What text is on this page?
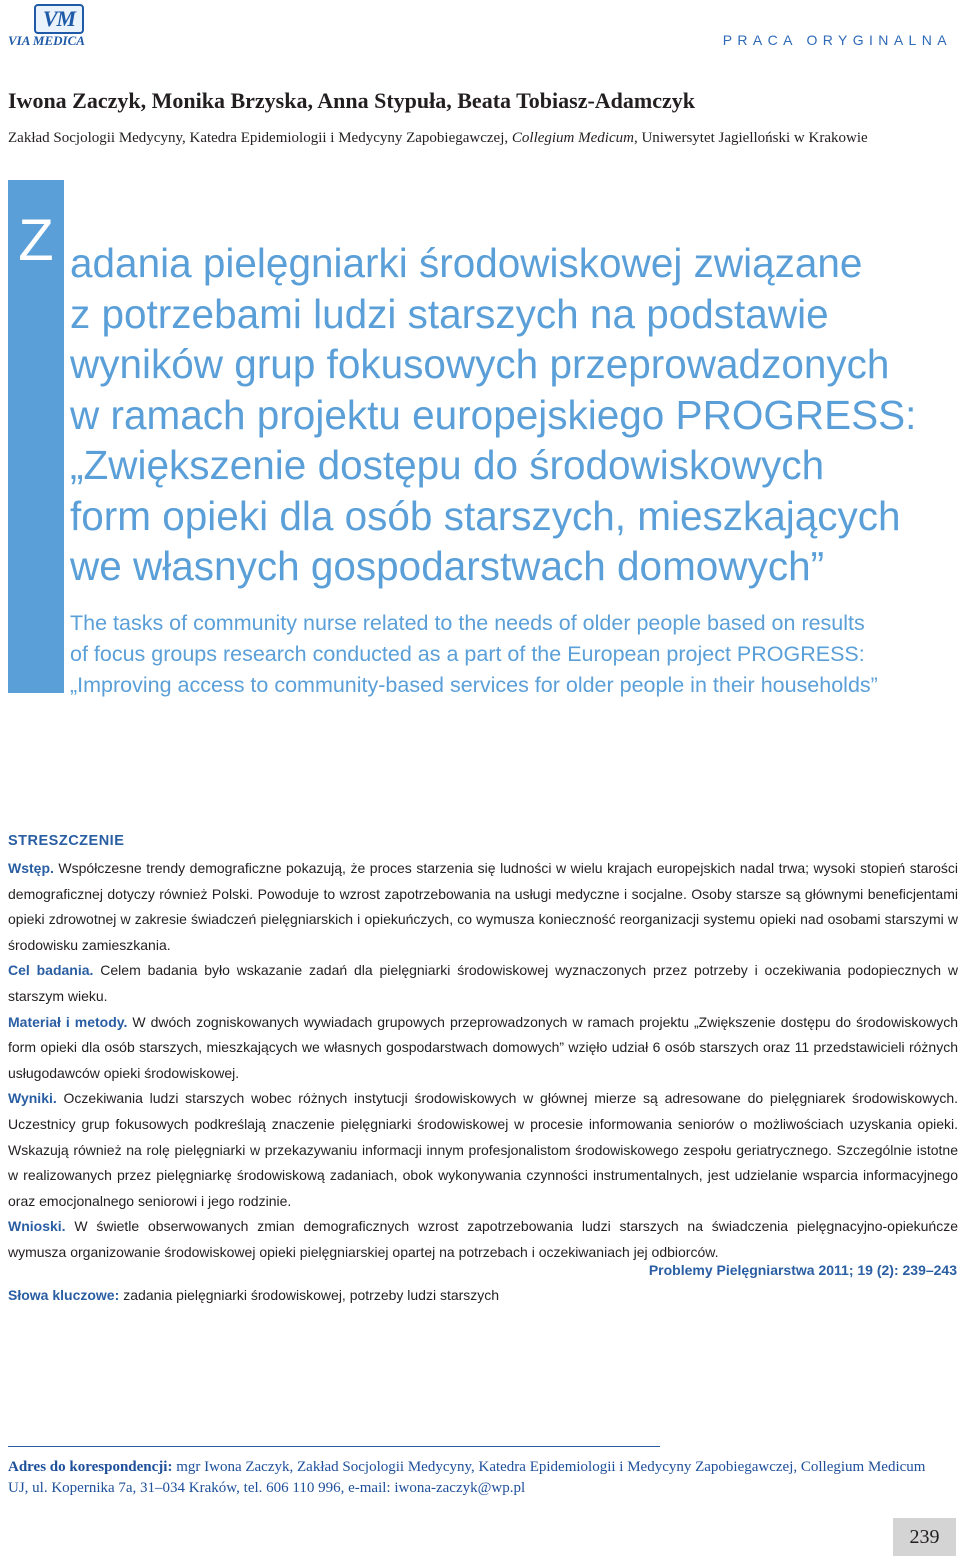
VM
VIA MEDICA	PRACA ORYGINALNA
Iwona Zaczyk, Monika Brzyska, Anna Stypuła, Beata Tobiasz-Adamczyk
Zakład Socjologii Medycyny, Katedra Epidemiologii i Medycyny Zapobiegawczej, Collegium Medicum, Uniwersytet Jagielloński w Krakowie
Z adania pielęgniarki środowiskowej związane
z potrzebami ludzi starszych na podstawie
wyników grup fokusowych przeprowadzonych
w ramach projektu europejskiego PROGRESS:
„Zwiększenie dostępu do środowiskowych
form opieki dla osób starszych, mieszkających
we własnych gospodarstwach domowych”
The tasks of community nurse related to the needs of older people based on results
of focus groups research conducted as a part of the European project PROGRESS:
„Improving access to community-based services for older people in their households”
STRESZCZENIE

Wstęp. Współczesne trendy demograficzne pokazują, że proces starzenia się ludności w wielu krajach europejskich nadal trwa; wysoki stopień starości demograficznej dotyczy również Polski. Powoduje to wzrost zapotrzebowania na usługi medyczne i socjalne. Osoby starsze są głównymi beneficjentami opieki zdrowotnej w zakresie świadczeń pielęgniarskich i opiekuńczych, co wymusza konieczność reorganizacji systemu opieki nad osobami starszymi w środowisku zamieszkania.

Cel badania. Celem badania było wskazanie zadań dla pielęgniarki środowiskowej wyznaczonych przez potrzeby i oczekiwania podopiecznych w starszym wieku.

Materiał i metody. W dwóch zogniskowanych wywiadach grupowych przeprowadzonych w ramach projektu „Zwiększenie dostępu do środowiskowych form opieki dla osób starszych, mieszkających we własnych gospodarstwach domowych” wzięło udział 6 osób starszych oraz 11 przedstawicieli różnych usługodawców opieki środowiskowej.

Wyniki. Oczekiwania ludzi starszych wobec różnych instytucji środowiskowych w głównej mierze są adresowane do pielęgniarek środowiskowych. Uczestnicy grup fokusowych podkreślają znaczenie pielęgniarki środowiskowej w procesie informowania seniorów o możliwościach uzyskania opieki. Wskazują również na rolę pielęgniarki w przekazywaniu informacji innym profesjonalistom środowiskowego zespołu geriatrycznego. Szczególnie istotne w realizowanych przez pielęgniarkę środowiskową zadaniach, obok wykonywania czynności instrumentalnych, jest udzielanie wsparcia informacyjnego oraz emocjonalnego seniorowi i jego rodzinie.

Wnioski. W świetle obserwowanych zmian demograficznych wzrost zapotrzebowania ludzi starszych na świadczenia pielęgnacyjno-opiekuńcze wymusza organizowanie środowiskowej opieki pielęgniarskiej opartej na potrzebach i oczekiwaniach jej odbiorców.

Problemy Pielęgniarstwa 2011; 19 (2): 239–243
Słowa kluczowe: zadania pielęgniarki środowiskowej, potrzeby ludzi starszych
Adres do korespondencji: mgr Iwona Zaczyk, Zakład Socjologii Medycyny, Katedra Epidemiologii i Medycyny Zapobiegawczej, Collegium Medicum UJ, ul. Kopernika 7a, 31–034 Kraków, tel. 606 110 996, e-mail: iwona-zaczyk@wp.pl
239
